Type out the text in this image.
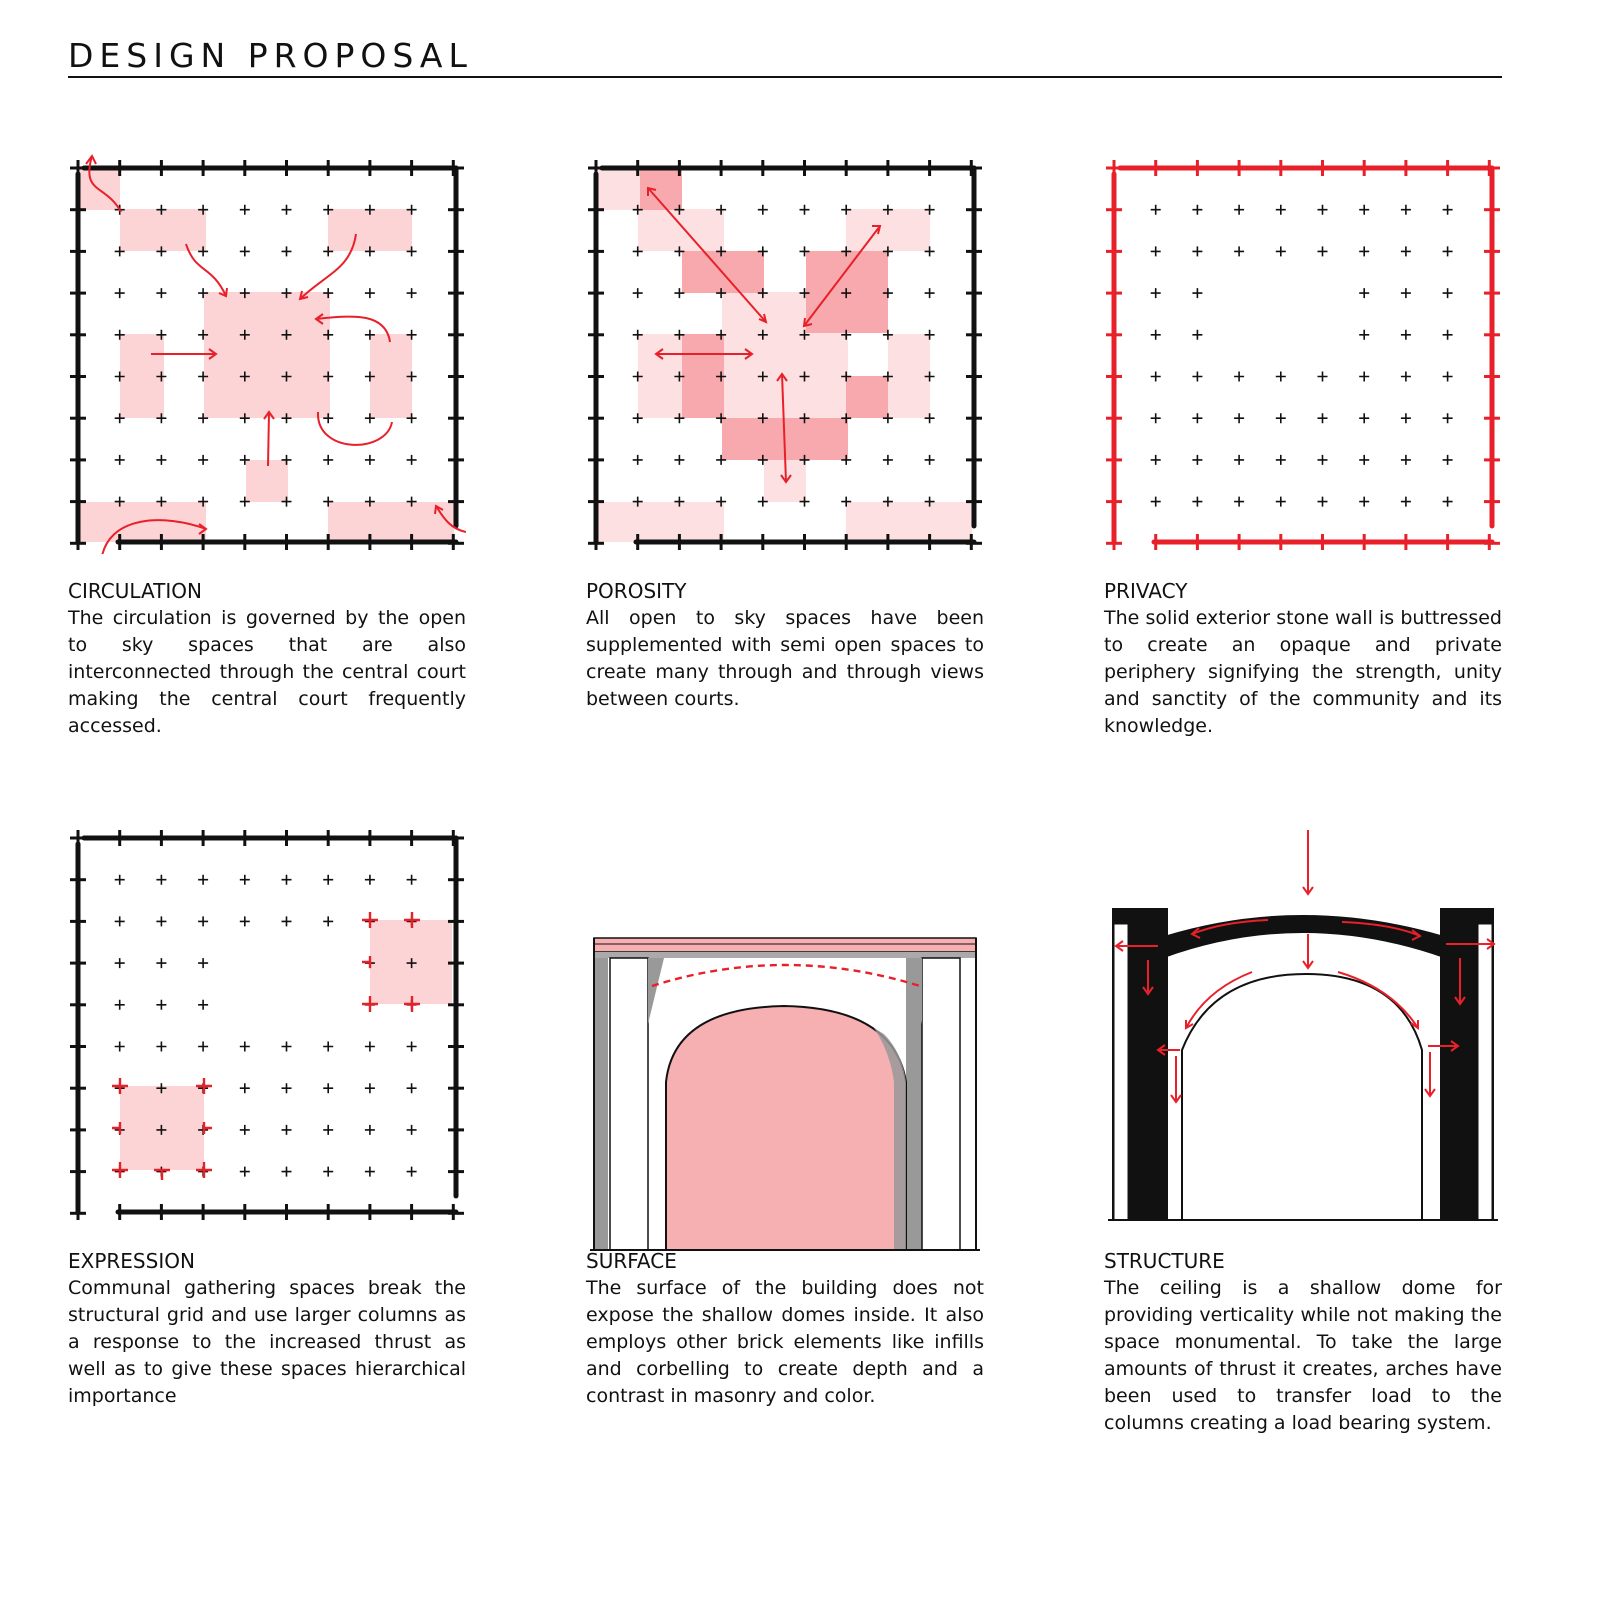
DESIGN PROPOSAL
CIRCULATION

The circulation is governed by the open to sky spaces that are also interconnected through the central court making the central court frequently accessed.

POROSITY

All open to sky spaces have been supplemented with semi open spaces to create many through and through views between courts.

PRIVACY

The solid exterior stone wall is buttressed to create an opaque and private periphery signifying the strength, unity and sanctity of the community and its knowledge.

EXPRESSION

Communal gathering spaces break the structural grid and use larger columns as a response to the increased thrust as well as to give these spaces hierarchical importance

SURFACE

The surface of the building does not expose the shallow domes inside. It also employs other brick elements like infills and corbelling to create depth and a contrast in masonry and color.

STRUCTURE

The ceiling is a shallow dome for providing verticality while not making the space monumental. To take the large amounts of thrust it creates, arches have been used to transfer load to the columns creating a load bearing system.
